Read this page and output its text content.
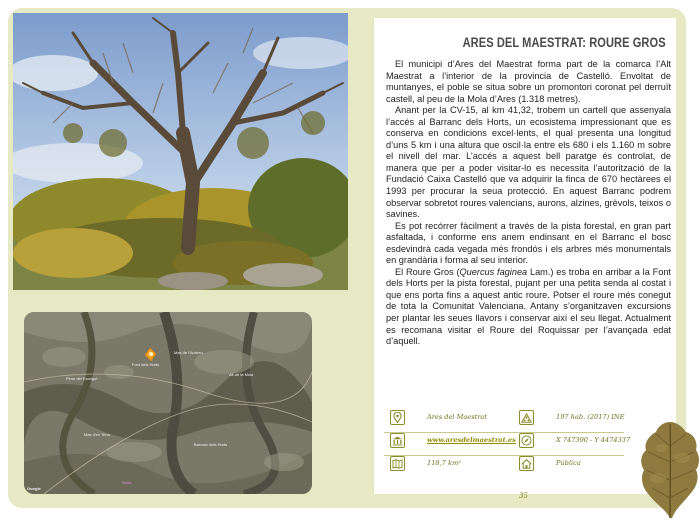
Pinar del Escrigot
Mas de l'Andreu
Alt de la Mola
Font dels Horts
Mas d'en Tena
Barranc dels Horts
Google
Sorts
ARES DEL MAESTRAT: ROURE GROS

El municipi d’Ares del Maestrat forma part de la comarca l’Alt Maestrat a l’interior de la provincia de Castelló. Envoltat de muntanyes, el poble se situa sobre un promontori coronat pel derruït castell, al peu de la Mola d’Ares (1.318 metres).

Anant per la CV-15, al km 41,32, trobem un cartell que assenyala l’accés al Barranc dels Horts, un ecosistema impressionant que es conserva en condicions excel·lents, el qual presenta una longitud d’uns 5 km i una altura que oscil·la entre els 680 i els 1.160 m sobre el nivell del mar. L’accés a aquest bell paratge és controlat, de manera que per a poder visitar-lo es necessita l’autorització de la Fundació Caixa Castelló que va adquirir la finca de 670 hectàrees el 1993 per procurar la seua protecció. En aquest Barranc podrem observar sobretot roures valencians, aurons, alzines, grèvols, teixos o savines.

Es pot recórrer fàcilment a través de la pista forestal, en gran part asfaltada, i conforme ens anem endinsant en el Barranc el bosc esdevindrà cada vegada més frondós i els arbres més monumentals en grandària i forma al seu interior.

El Roure Gros (Quercus faginea Lam.) es troba en arribar a la Font dels Horts per la pista forestal, pujant per una petita senda al costat i que ens porta fins a aquest antic roure. Potser el roure més conegut de tota la Comunitat Valenciana. Antany s’organitzaven excursions per plantar les seues llavors i conservar així el seu llegat. Actualment es recomana visitar el Roure del Roquissar per l’avançada edat d’aquell.

Ares del Maestrat	197 hab. (2017) INE
www.aresdelmaestrat.es	X 747390 - Y 4474337
118,7 km²	Pública
35
